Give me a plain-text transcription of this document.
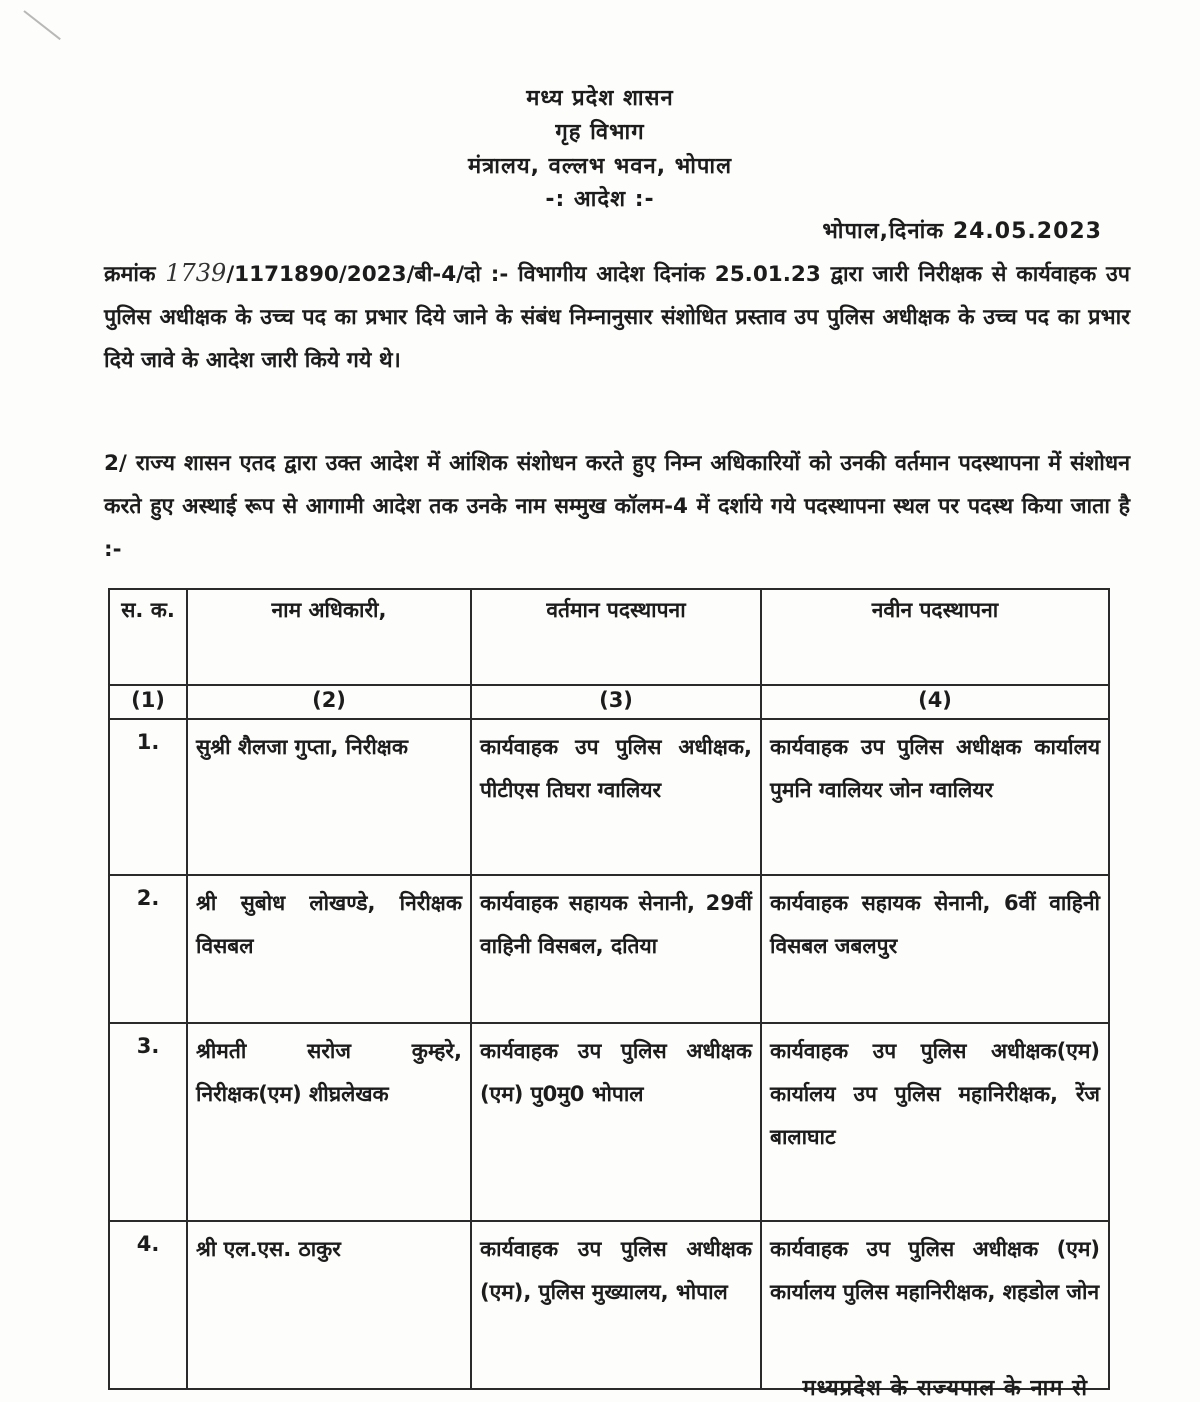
मध्य प्रदेश शासन
गृह विभाग
मंत्रालय, वल्लभ भवन, भोपाल
-: आदेश :-
भोपाल,दिनांक 24.05.2023
क्रमांक 1739/1171890/2023/बी-4/दो :- विभागीय आदेश दिनांक 25.01.23 द्वारा जारी निरीक्षक से कार्यवाहक उप पुलिस अधीक्षक के उच्च पद का प्रभार दिये जाने के संबंध निम्नानुसार संशोधित प्रस्ताव उप पुलिस अधीक्षक के उच्च पद का प्रभार दिये जावे के आदेश जारी किये गये थे।
2/ राज्य शासन एतद द्वारा उक्त आदेश में आंशिक संशोधन करते हुए निम्न अधिकारियों को उनकी वर्तमान पदस्थापना में संशोधन करते हुए अस्थाई रूप से आगामी आदेश तक उनके नाम सम्मुख कॉलम-4 में दर्शाये गये पदस्थापना स्थल पर पदस्थ किया जाता है :-
स. क.	नाम अधिकारी,	वर्तमान पदस्थापना	नवीन पदस्थापना
(1)	(2)	(3)	(4)
1.	सुश्री शैलजा गुप्ता, निरीक्षक	कार्यवाहक उप पुलिस अधीक्षक, पीटीएस तिघरा ग्वालियर	कार्यवाहक उप पुलिस अधीक्षक कार्यालय पुमनि ग्वालियर जोन ग्वालियर
2.	श्री सुबोध लोखण्डे, निरीक्षक विसबल	कार्यवाहक सहायक सेनानी, 29वीं वाहिनी विसबल, दतिया	कार्यवाहक सहायक सेनानी, 6वीं वाहिनी विसबल जबलपुर
3.	श्रीमती सरोज कुम्हरे, निरीक्षक(एम) शीघ्रलेखक	कार्यवाहक उप पुलिस अधीक्षक (एम) पु0मु0 भोपाल	कार्यवाहक उप पुलिस अधीक्षक(एम) कार्यालय उप पुलिस महानिरीक्षक, रेंज बालाघाट
4.	श्री एल.एस. ठाकुर	कार्यवाहक उप पुलिस अधीक्षक (एम), पुलिस मुख्यालय, भोपाल	कार्यवाहक उप पुलिस अधीक्षक (एम) कार्यालय पुलिस महानिरीक्षक, शहडोल जोन
मध्यप्रदेश के राज्यपाल के नाम से
